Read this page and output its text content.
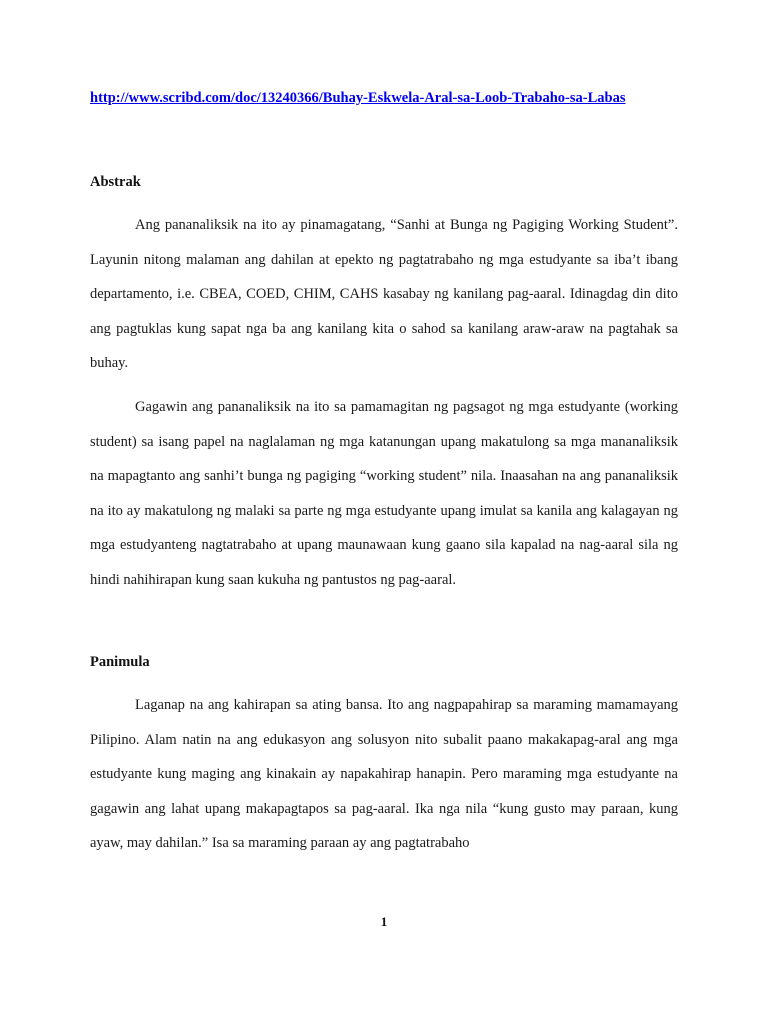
http://www.scribd.com/doc/13240366/Buhay-Eskwela-Aral-sa-Loob-Trabaho-sa-Labas
Abstrak

Ang pananaliksik na ito ay pinamagatang, “Sanhi at Bunga ng Pagiging Working Student”. Layunin nitong malaman ang dahilan at epekto ng pagtatrabaho ng mga estudyante sa iba’t ibang departamento, i.e. CBEA, COED, CHIM, CAHS kasabay ng kanilang pag-aaral. Idinagdag din dito ang pagtuklas kung sapat nga ba ang kanilang kita o sahod sa kanilang araw-araw na pagtahak sa buhay.

Gagawin ang pananaliksik na ito sa pamamagitan ng pagsagot ng mga estudyante (working student) sa isang papel na naglalaman ng mga katanungan upang makatulong sa mga mananaliksik na mapagtanto ang sanhi’t bunga ng pagiging “working student” nila. Inaasahan na ang pananaliksik na ito ay makatulong ng malaki sa parte ng mga estudyante upang imulat sa kanila ang kalagayan ng mga estudyanteng nagtatrabaho at upang maunawaan kung gaano sila kapalad na nag-aaral sila ng hindi nahihirapan kung saan kukuha ng pantustos ng pag-aaral.

Panimula

Laganap na ang kahirapan sa ating bansa. Ito ang nagpapahirap sa maraming mamamayang Pilipino. Alam natin na ang edukasyon ang solusyon nito subalit paano makakapag-aral ang mga estudyante kung maging ang kinakain ay napakahirap hanapin. Pero maraming mga estudyante na gagawin ang lahat upang makapagtapos sa pag-aaral. Ika nga nila “kung gusto may paraan, kung ayaw, may dahilan.” Isa sa maraming paraan ay ang pagtatrabaho

1
